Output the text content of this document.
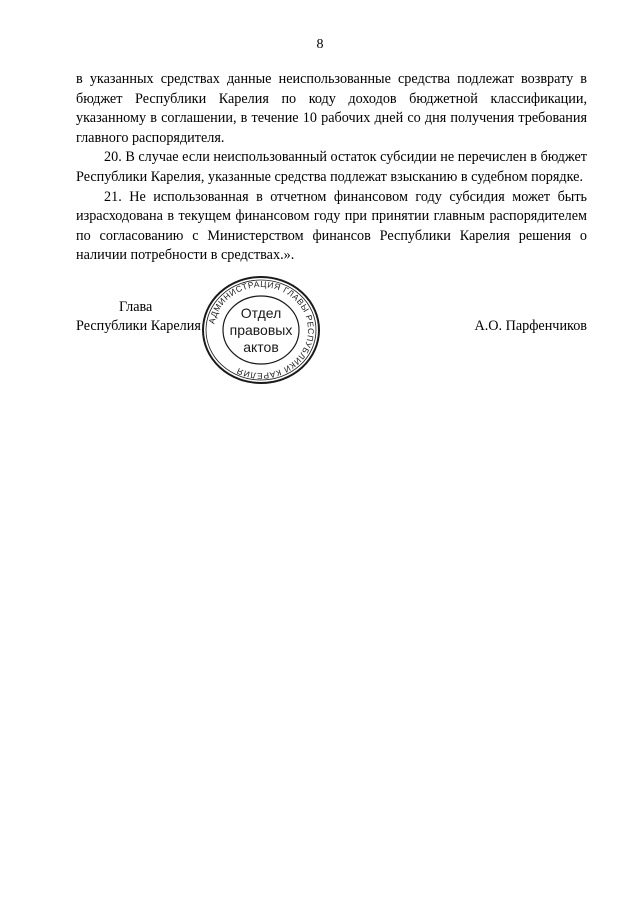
8

в указанных средствах данные неиспользованные средства подлежат возврату в бюджет Республики Карелия по коду доходов бюджетной классификации, указанному в соглашении, в течение 10 рабочих дней со дня получения требования главного распорядителя.

20. В случае если неиспользованный остаток субсидии не перечислен в бюджет Республики Карелия, указанные средства подлежат взысканию в судебном порядке.

21. Не использованная в отчетном финансовом году субсидия может быть израсходована в текущем финансовом году при принятии главным распорядителем по согласованию с Министерством финансов Республики Карелия решения о наличии потребности в средствах.».

Глава
Республики Карелия	А.О. Парфенчиков
АДМИНИСТРАЦИЯ ГЛАВЫ РЕСПУБЛИКИ КАРЕЛИЯ
Отдел
правовых
актов
